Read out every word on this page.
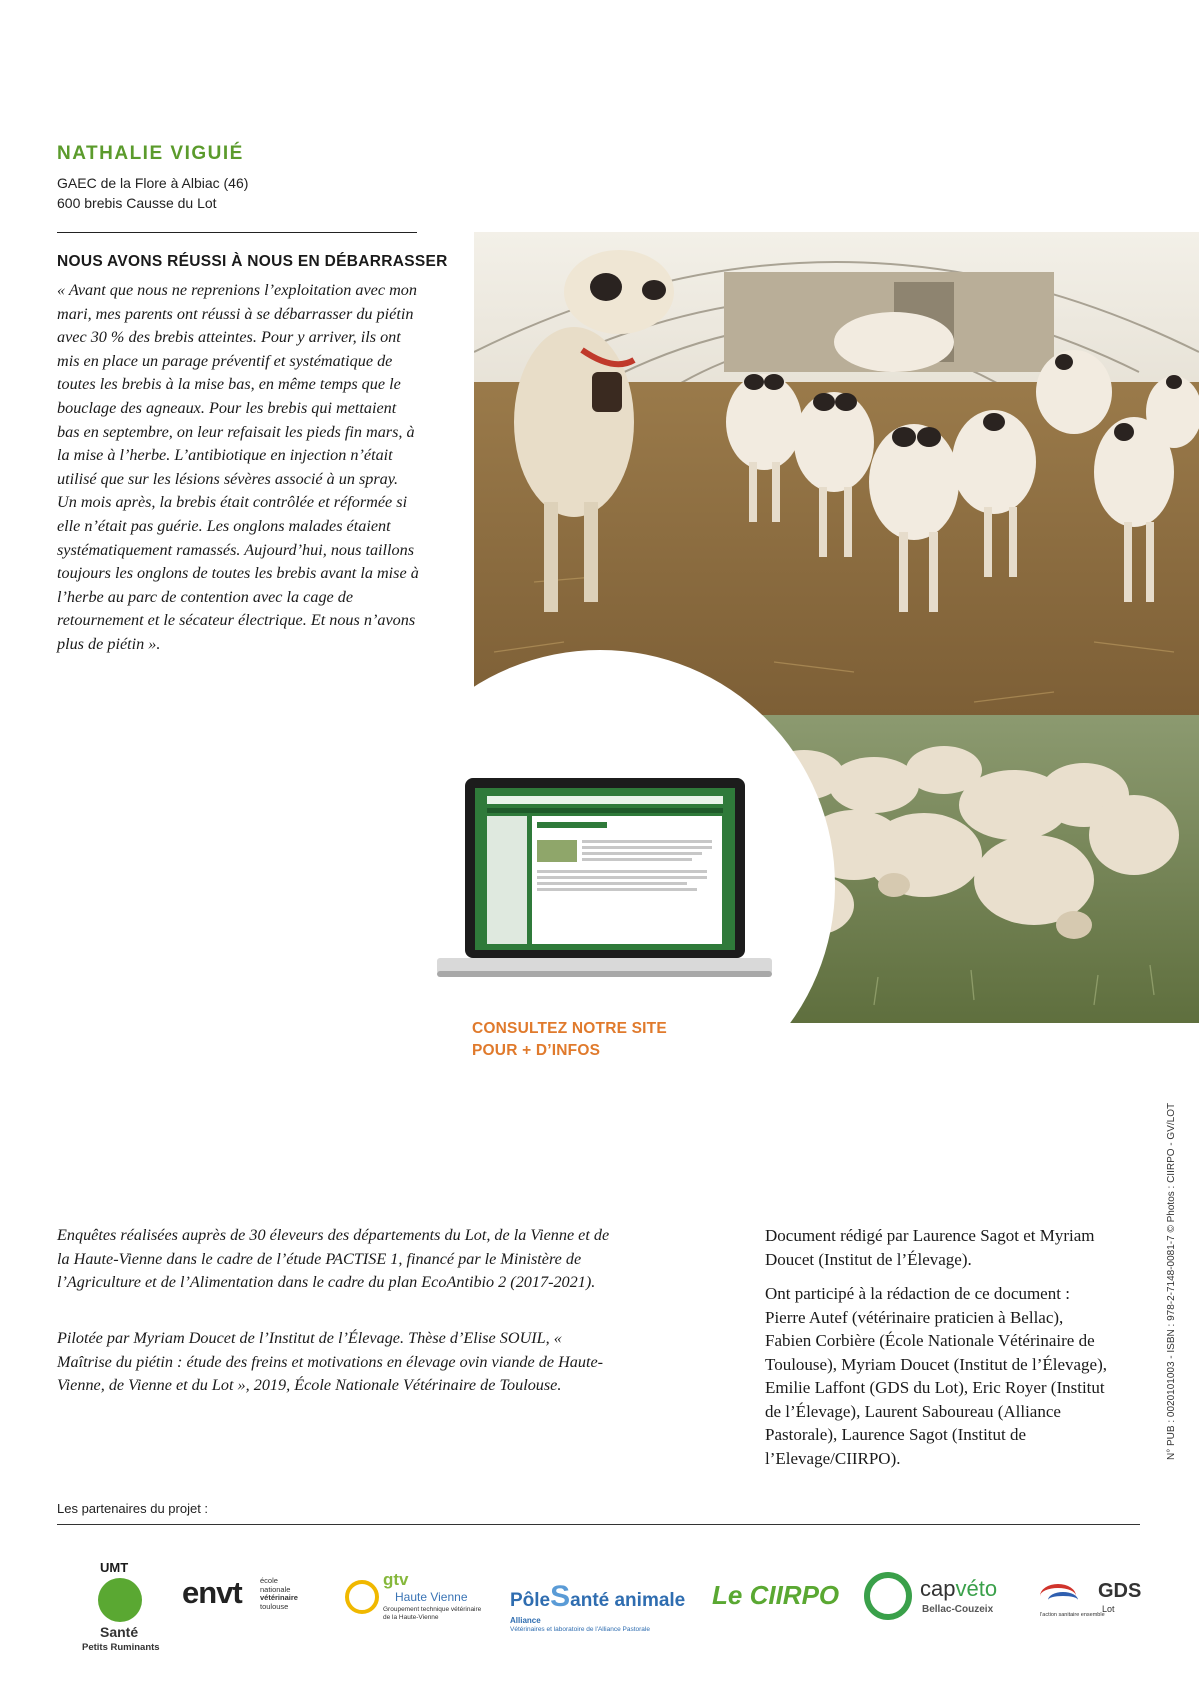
NATHALIE VIGUIÉ
GAEC de la Flore à Albiac (46)
600 brebis Causse du Lot
NOUS AVONS RÉUSSI À NOUS EN DÉBARRASSER

« Avant que nous ne reprenions l’exploitation avec mon mari, mes parents ont réussi à se débarrasser du piétin avec 30 % des brebis atteintes. Pour y arriver, ils ont mis en place un parage préventif et systématique de toutes les brebis à la mise bas, en même temps que le bouclage des agneaux. Pour les brebis qui mettaient bas en septembre, on leur refaisait les pieds fin mars, à la mise à l’herbe. L’antibiotique en injection n’était utilisé que sur les lésions sévères associé à un spray. Un mois après, la brebis était contrôlée et réformée si elle n’était pas guérie. Les onglons malades étaient systématiquement ramassés. Aujourd’hui, nous taillons toujours les onglons de toutes les brebis avant la mise à l’herbe au parc de contention avec la cage de retournement et le sécateur électrique. Et nous n’avons plus de piétin ».

CONSULTEZ NOTRE SITE
POUR + D’INFOS

Enquêtes réalisées auprès de 30 éleveurs des départements du Lot, de la Vienne et de la Haute-Vienne dans le cadre de l’étude PACTISE 1, financé par le Ministère de l’Agriculture et de l’Alimentation dans le cadre du plan EcoAntibio 2 (2017-2021).

Pilotée par Myriam Doucet de l’Institut de l’Élevage. Thèse d’Elise SOUIL, « Maîtrise du piétin : étude des freins et motivations en élevage ovin viande de Haute-Vienne, de Vienne et du Lot », 2019, École Nationale Vétérinaire de Toulouse.

Document rédigé par Laurence Sagot et Myriam Doucet (Institut de l’Élevage).

Ont participé à la rédaction de ce document : Pierre Autef (vétérinaire praticien à Bellac), Fabien Corbière (École Nationale Vétérinaire de Toulouse), Myriam Doucet (Institut de l’Élevage), Emilie Laffont (GDS du Lot), Eric Royer (Institut de l’Élevage), Laurent Saboureau (Alliance Pastorale), Laurence Sagot (Institut de l’Elevage/CIIRPO).

Les partenaires du projet :
UMT
Santé
Petits Ruminants
envt école
nationale
vétérinaire
toulouse
gtv
Haute Vienne
Groupement technique vétérinaire
de la Haute-Vienne
PôleSanté animale
Alliance
Vétérinaires et laboratoire de l'Alliance Pastorale
Le CIIRPO	capvéto
Bellac-Couzeix
GDS
Lot
l'action sanitaire ensemble
N° PUB : 0020101003 - ISBN : 978-2-7148-0081-7 © Photos : CIIRPO - GV/LOT
